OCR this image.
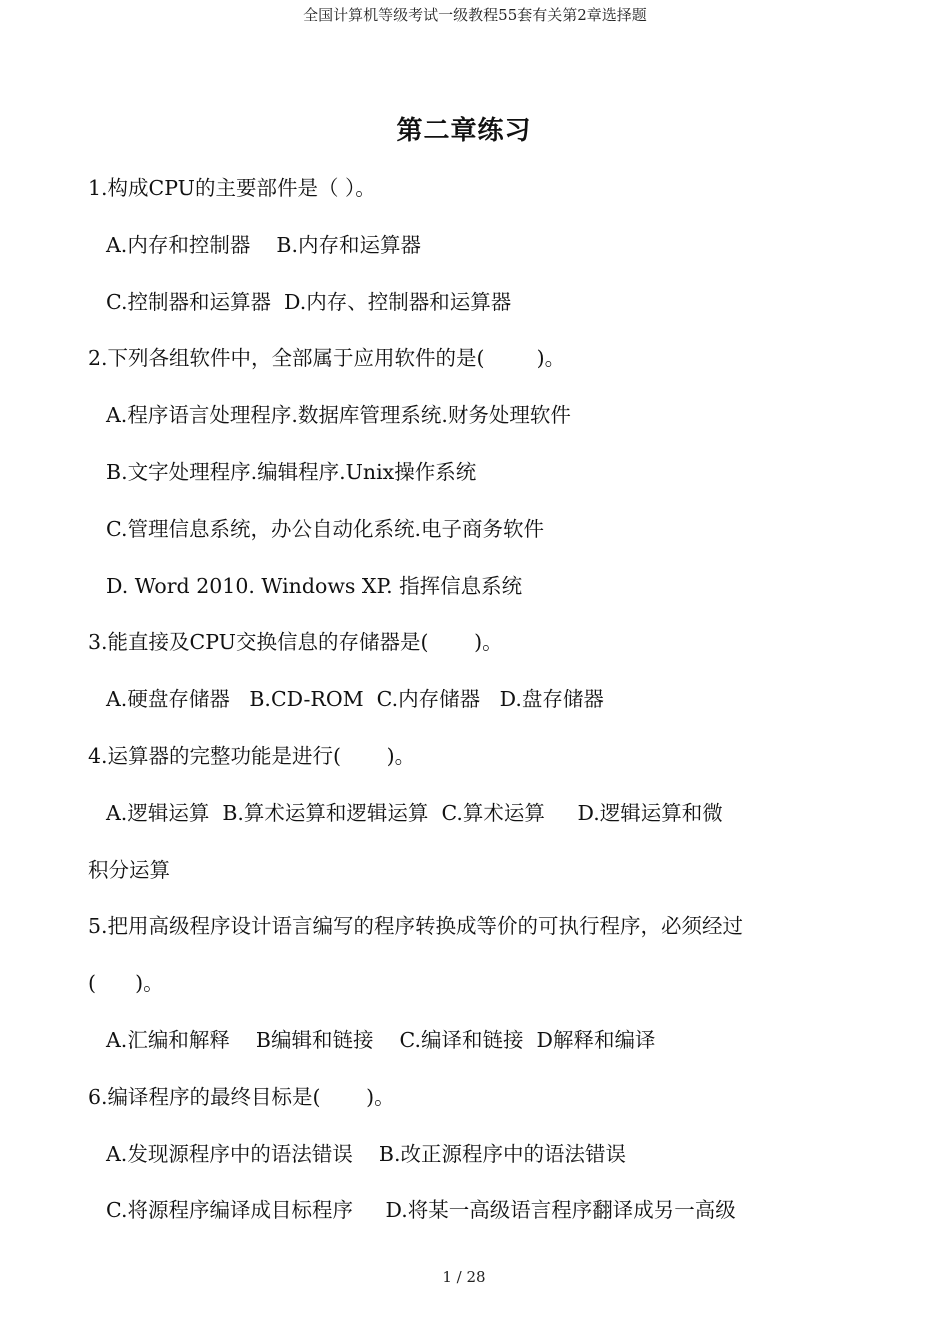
全国计算机等级考试一级教程55套有关第2章选择题
第二章练习
1.构成CPU的主要部件是（ ）。
A.内存和控制器    B.内存和运算器
C.控制器和运算器  D.内存、控制器和运算器
2.下列各组软件中，全部属于应用软件的是(        )。
A.程序语言处理程序.数据库管理系统.财务处理软件
B.文字处理程序.编辑程序.Unix操作系统
C.管理信息系统，办公自动化系统.电子商务软件
D. Word 2010. Windows XP. 指挥信息系统
3.能直接及CPU交换信息的存储器是(       )。
A.硬盘存储器   B.CD-ROM  C.内存储器   D.盘存储器
4.运算器的完整功能是进行(       )。
A.逻辑运算  B.算术运算和逻辑运算  C.算术运算     D.逻辑运算和微
积分运算
5.把用高级程序设计语言编写的程序转换成等价的可执行程序，必须经过
(      )。
A.汇编和解释    B编辑和链接    C.编译和链接  D解释和编译
6.编译程序的最终目标是(       )。
A.发现源程序中的语法错误    B.改正源程序中的语法错误
C.将源程序编译成目标程序     D.将某一高级语言程序翻译成另一高级
1 / 28
